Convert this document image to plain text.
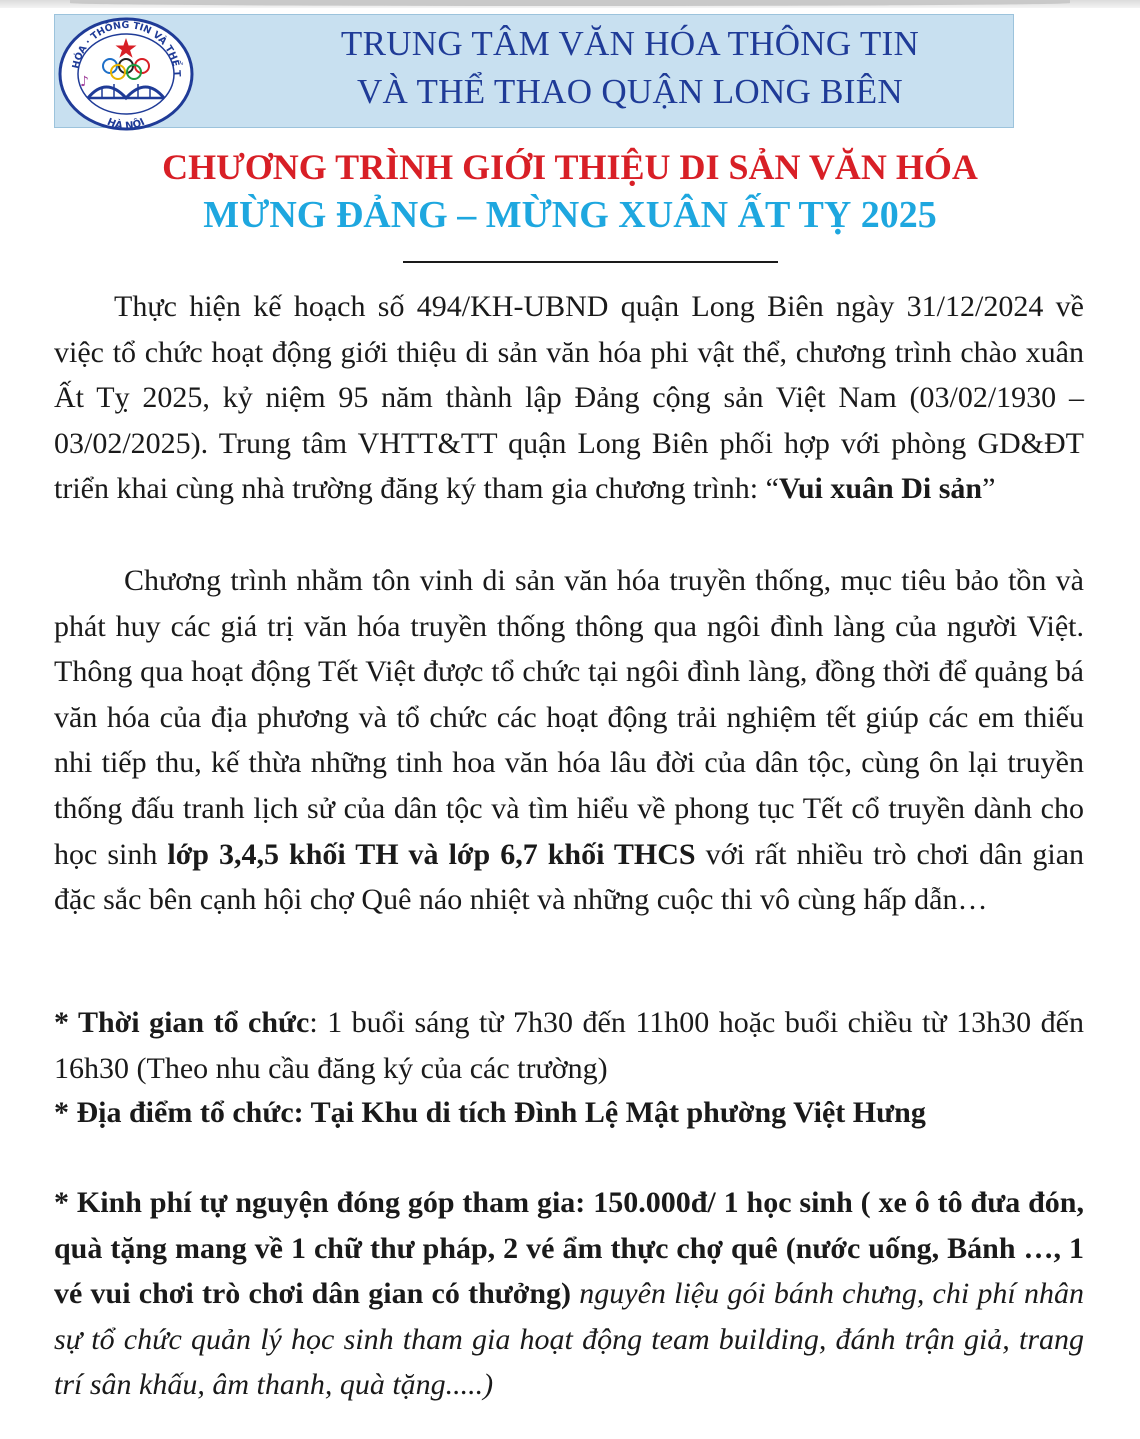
HÓA · THÔNG TIN VÀ THỂ T
♪
HÀ NỘI
TRUNG TÂM VĂN HÓA THÔNG TIN
VÀ THỂ THAO QUẬN LONG BIÊN
CHƯƠNG TRÌNH GIỚI THIỆU DI SẢN VĂN HÓA
MỪNG ĐẢNG – MỪNG XUÂN ẤT TỴ 2025
Thực hiện kế hoạch số 494/KH-UBND quận Long Biên ngày 31/12/2024 về việc tổ chức hoạt động giới thiệu di sản văn hóa phi vật thể, chương trình chào xuân Ất Tỵ 2025, kỷ niệm 95 năm thành lập Đảng cộng sản Việt Nam (03/02/1930 – 03/02/2025). Trung tâm VHTT&TT quận Long Biên phối hợp với phòng GD&ĐT triển khai cùng nhà trường đăng ký tham gia chương trình: “Vui xuân Di sản”
Chương trình nhằm tôn vinh di sản văn hóa truyền thống, mục tiêu bảo tồn và phát huy các giá trị văn hóa truyền thống thông qua ngôi đình làng của người Việt. Thông qua hoạt động Tết Việt được tổ chức tại ngôi đình làng, đồng thời để quảng bá văn hóa của địa phương và tổ chức các hoạt động trải nghiệm tết giúp các em thiếu nhi tiếp thu, kế thừa những tinh hoa văn hóa lâu đời của dân tộc, cùng ôn lại truyền thống đấu tranh lịch sử của dân tộc và tìm hiểu về phong tục Tết cổ truyền dành cho học sinh lớp 3,4,5 khối TH và lớp 6,7 khối THCS với rất nhiều trò chơi dân gian đặc sắc bên cạnh hội chợ Quê náo nhiệt và những cuộc thi vô cùng hấp dẫn…
* Thời gian tổ chức: 1 buổi sáng từ 7h30 đến 11h00 hoặc buổi chiều từ 13h30 đến 16h30 (Theo nhu cầu đăng ký của các trường)
* Địa điểm tổ chức: Tại Khu di tích Đình Lệ Mật phường Việt Hưng
* Kinh phí tự nguyện đóng góp tham gia: 150.000đ/ 1 học sinh ( xe ô tô đưa đón, quà tặng mang về 1 chữ thư pháp, 2 vé ẩm thực chợ quê (nước uống, Bánh …, 1 vé vui chơi trò chơi dân gian có thưởng) nguyên liệu gói bánh chưng, chi phí nhân sự tổ chức quản lý học sinh tham gia hoạt động team building, đánh trận giả, trang trí sân khấu, âm thanh, quà tặng.....)
